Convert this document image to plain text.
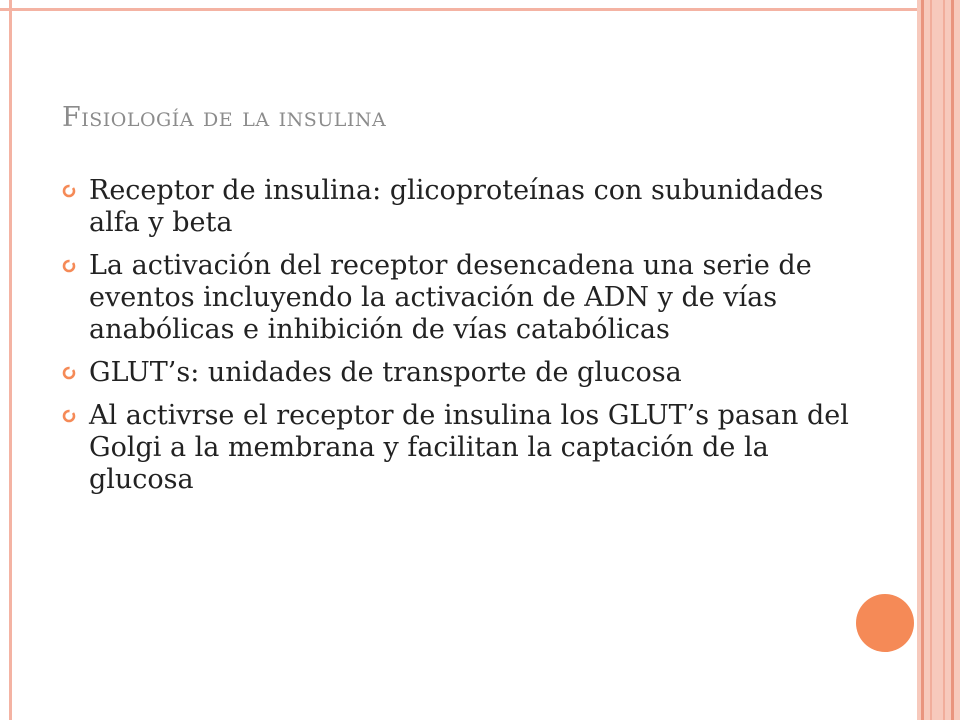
Fisiología de la insulina
Receptor de insulina: glicoproteínas con subunidades alfa y beta
La activación del receptor desencadena una serie de eventos incluyendo la activación de ADN y de vías anabólicas e inhibición de vías catabólicas
GLUT’s: unidades de transporte de glucosa
Al activrse el receptor de insulina los GLUT’s pasan del Golgi a la membrana y facilitan la captación de la glucosa
